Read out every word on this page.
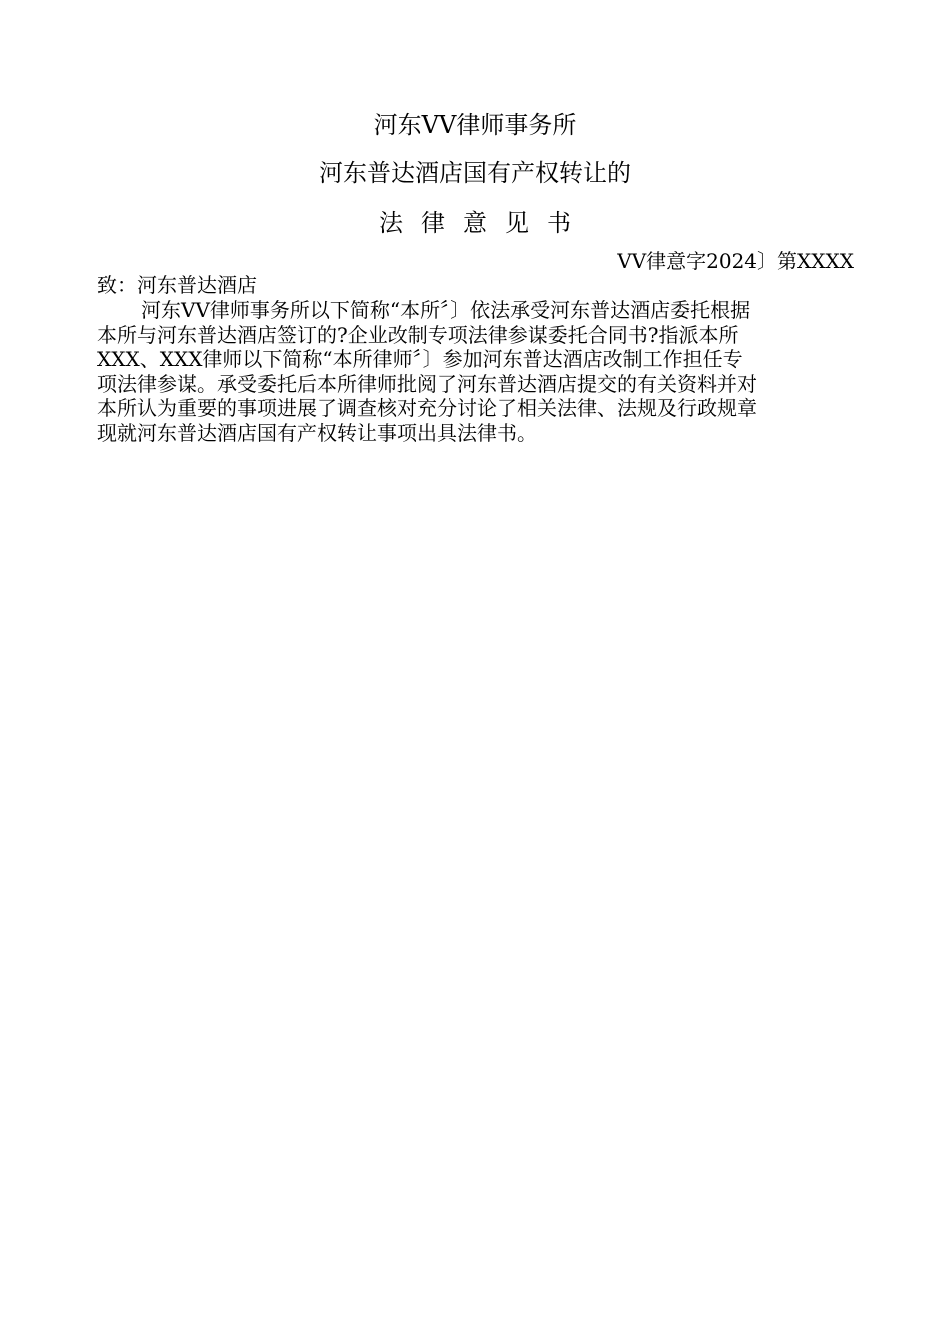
河东VV律师事务所
河东普达酒店国有产权转让的
法律意见书
VV律意字2024〕第XXXX
致：河东普达酒店
河东VV律师事务所以下简称“本所〞〕依法承受河东普达酒店委托根据
本所与河东普达酒店签订的?企业改制专项法律参谋委托合同书?指派本所
XXX、XXX律师以下简称“本所律师〞〕参加河东普达酒店改制工作担任专
项法律参谋。承受委托后本所律师批阅了河东普达酒店提交的有关资料并对
本所认为重要的事项进展了调查核对充分讨论了相关法律、法规及行政规章
现就河东普达酒店国有产权转让事项出具法律书。
